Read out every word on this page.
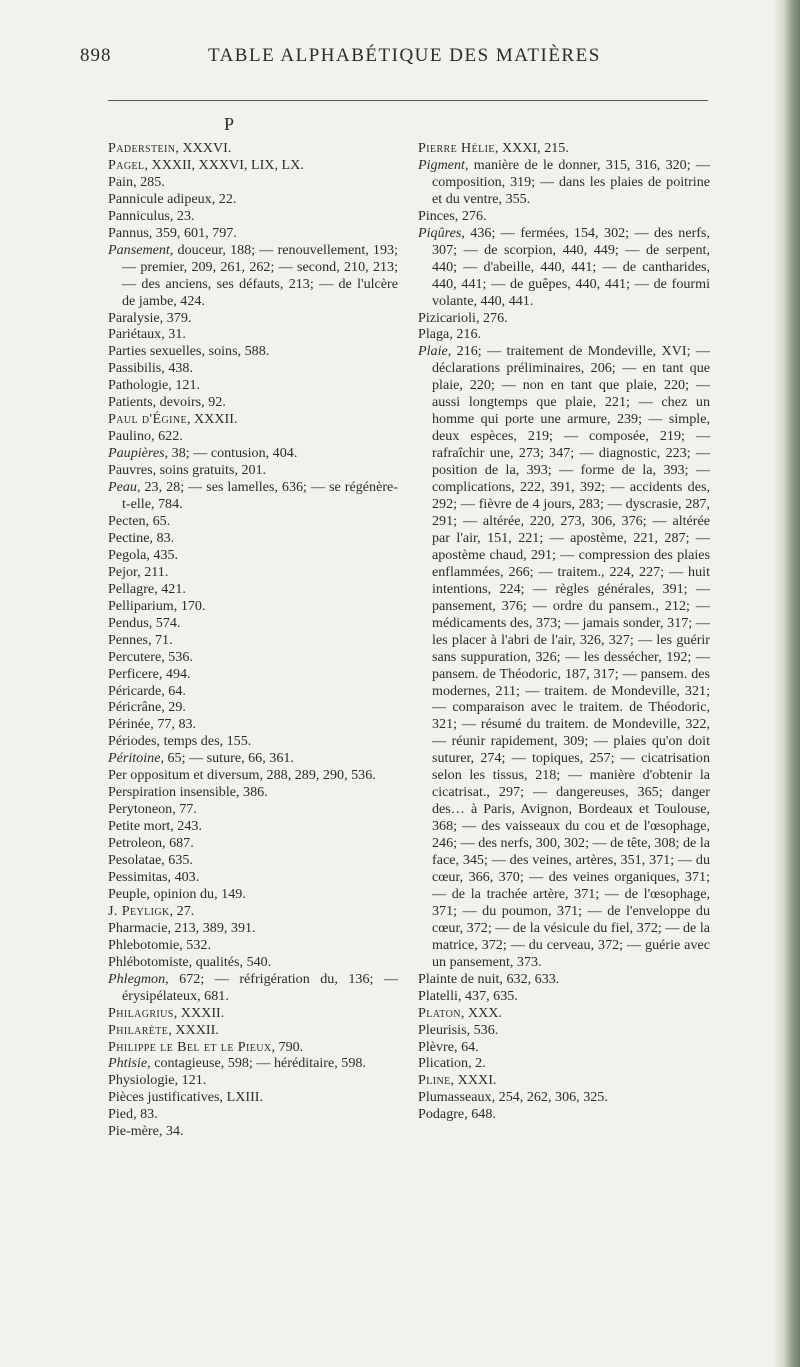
898	TABLE ALPHABÉTIQUE DES MATIÈRES
P

Paderstein, XXXVI.

Pagel, XXXII, XXXVI, LIX, LX.

Pain, 285.

Pannicule adipeux, 22.

Panniculus, 23.

Pannus, 359, 601, 797.

Pansement, douceur, 188; — renouvellement, 193; — premier, 209, 261, 262; — second, 210, 213; — des anciens, ses défauts, 213; — de l'ulcère de jambe, 424.

Paralysie, 379.

Pariétaux, 31.

Parties sexuelles, soins, 588.

Passibilis, 438.

Pathologie, 121.

Patients, devoirs, 92.

Paul d'Égine, XXXII.

Paulino, 622.

Paupières, 38; — contusion, 404.

Pauvres, soins gratuits, 201.

Peau, 23, 28; — ses lamelles, 636; — se régénère-t-elle, 784.

Pecten, 65.

Pectine, 83.

Pegola, 435.

Pejor, 211.

Pellagre, 421.

Pelliparium, 170.

Pendus, 574.

Pennes, 71.

Percutere, 536.

Perficere, 494.

Péricarde, 64.

Péricrâne, 29.

Périnée, 77, 83.

Périodes, temps des, 155.

Péritoine, 65; — suture, 66, 361.

Per oppositum et diversum, 288, 289, 290, 536.

Perspiration insensible, 386.

Perytoneon, 77.

Petite mort, 243.

Petroleon, 687.

Pesolatae, 635.

Pessimitas, 403.

Peuple, opinion du, 149.

J. Peyligk, 27.

Pharmacie, 213, 389, 391.

Phlebotomie, 532.

Phlébotomiste, qualités, 540.

Phlegmon, 672; — réfrigération du, 136; — érysipélateux, 681.

Philagrius, XXXII.

Philarète, XXXII.

Philippe le Bel et le Pieux, 790.

Phtisie, contagieuse, 598; — héréditaire, 598.

Physiologie, 121.

Pièces justificatives, LXIII.

Pied, 83.

Pie-mère, 34.

Pierre Hélie, XXXI, 215.

Pigment, manière de le donner, 315, 316, 320; — composition, 319; — dans les plaies de poitrine et du ventre, 355.

Pinces, 276.

Piqûres, 436; — fermées, 154, 302; — des nerfs, 307; — de scorpion, 440, 449; — de serpent, 440; — d'abeille, 440, 441; — de cantharides, 440, 441; — de guêpes, 440, 441; — de fourmi volante, 440, 441.

Pizicarioli, 276.

Plaga, 216.

Plaie, 216; — traitement de Mondeville, XVI; — déclarations préliminaires, 206; — en tant que plaie, 220; — non en tant que plaie, 220; — aussi longtemps que plaie, 221; — chez un homme qui porte une armure, 239; — simple, deux espèces, 219; — composée, 219; — rafraîchir une, 273; 347; — diagnostic, 223; — position de la, 393; — forme de la, 393; — complications, 222, 391, 392; — accidents des, 292; — fièvre de 4 jours, 283; — dyscrasie, 287, 291; — altérée, 220, 273, 306, 376; — altérée par l'air, 151, 221; — apostème, 221, 287; — apostème chaud, 291; — compression des plaies enflammées, 266; — traitem., 224, 227; — huit intentions, 224; — règles générales, 391; — pansement, 376; — ordre du pansem., 212; — médicaments des, 373; — jamais sonder, 317; — les placer à l'abri de l'air, 326, 327; — les guérir sans suppuration, 326; — les dessécher, 192; — pansem. de Théodoric, 187, 317; — pansem. des modernes, 211; — traitem. de Mondeville, 321; — comparaison avec le traitem. de Théodoric, 321; — résumé du traitem. de Mondeville, 322, — réunir rapidement, 309; — plaies qu'on doit suturer, 274; — topiques, 257; — cicatrisation selon les tissus, 218; — manière d'obtenir la cicatrisat., 297; — dangereuses, 365; danger des… à Paris, Avignon, Bordeaux et Toulouse, 368; — des vaisseaux du cou et de l'œsophage, 246; — des nerfs, 300, 302; — de tête, 308; de la face, 345; — des veines, artères, 351, 371; — du cœur, 366, 370; — des veines organiques, 371; — de la trachée artère, 371; — de l'œsophage, 371; — du poumon, 371; — de l'enveloppe du cœur, 372; — de la vésicule du fiel, 372; — de la matrice, 372; — du cerveau, 372; — guérie avec un pansement, 373.

Plainte de nuit, 632, 633.

Platelli, 437, 635.

Platon, XXX.

Pleurisis, 536.

Plèvre, 64.

Plication, 2.

Pline, XXXI.

Plumasseaux, 254, 262, 306, 325.

Podagre, 648.
